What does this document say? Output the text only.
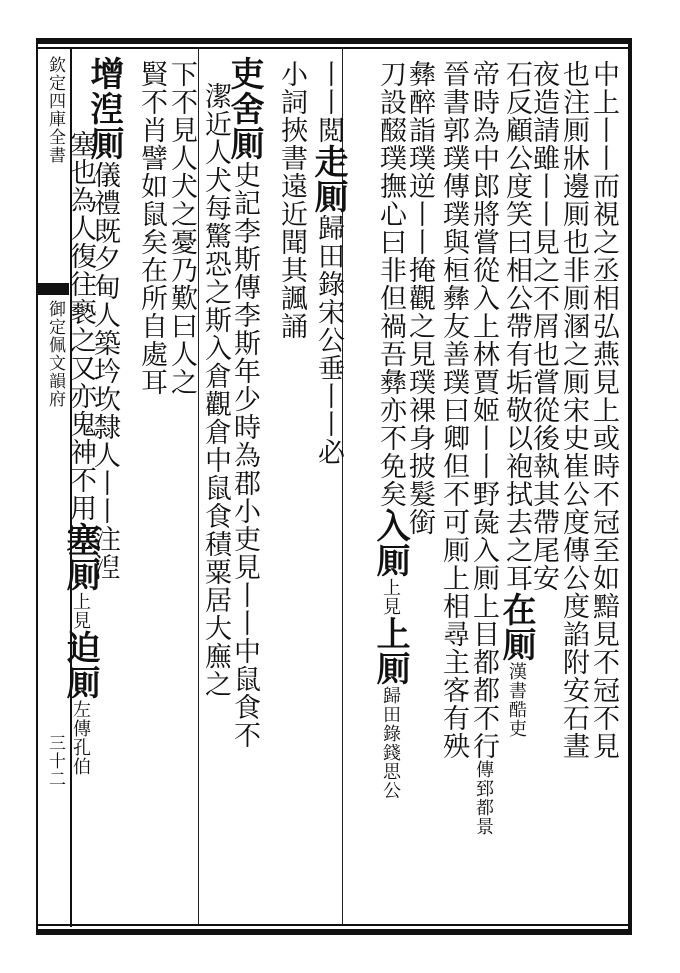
欽定四庫全書
御定佩文韻府
三十二
中上丨丨而視之丞相弘燕見上或時不冠至如黯見不冠不見
也注厠牀邊厠也非厠溷之厠宋史崔公度傳公度諂附安石晝
夜造請雖丨丨見之不屑也嘗從後執其帶尾安
石反顧公度笑曰相公帶有垢敬以袍拭去之耳在厠漢書酷吏
帝時為中郎將嘗從入上林賈姬丨丨野彘入厠上目都都不行傳郅都景
晉書郭璞傳璞與桓彝友善璞曰卿但不可厠上相尋主客有殃
彝醉詣璞逆丨丨掩觀之見璞裸身披髮銜
刀設醊璞撫心曰非但禍吾彝亦不免矣入厠上見上厠歸田錄錢思公
丨丨閲走厠歸田錄宋公垂丨丨必
小詞挾書遠近聞其諷誦
吏舍厠史記李斯傳李斯年少時為郡小吏見丨丨中鼠食不
潔近人犬每驚恐之斯入倉觀倉中鼠食積粟居大廡之
下不見人犬之憂乃歎曰人之
賢不肖譬如鼠矣在所自處耳
增湼厠儀禮既夕甸人築坅坎隸人丨丨注湼
塞也為人復往褻之又亦鬼神不用塞厠上見迫厠左傳孔伯
